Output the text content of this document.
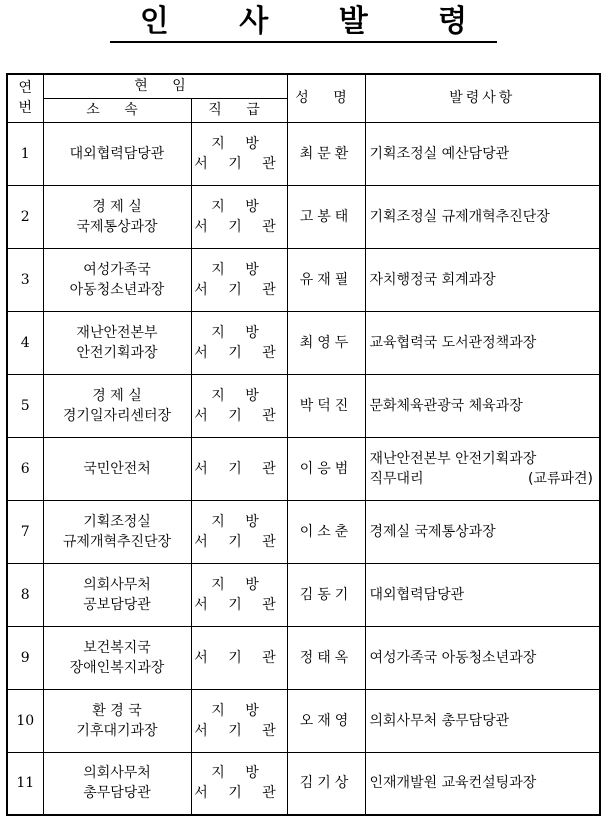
인 사 발 령
연
번	현 임		성 명	발령사항
	소 속	직 급		
1	대외협력담당관	지 방
서 기 관	최문환	기획조정실 예산담당관

2	경 제 실
국제통상과장	지 방
서 기 관	고봉태	기획조정실 규제개혁추진단장

3	여성가족국
아동청소년과장	지 방
서 기 관	유재필	자치행정국 회계과장

4	재난안전본부
안전기획과장	지 방
서 기 관	최영두	교육협력국 도서관정책과장

5	경 제 실
경기일자리센터장	지 방
서 기 관	박덕진	문화체육관광국 체육과장

6	국민안전처	서 기 관	이응범	재난안전본부 안전기획과장
직무대리 (교류파견)

7	기획조정실
규제개혁추진단장	지 방
서 기 관	이소춘	경제실 국제통상과장

8	의회사무처
공보담당관	지 방
서 기 관	김동기	대외협력담당관

9	보건복지국
장애인복지과장	서 기 관	정태옥	여성가족국 아동청소년과장

10	환 경 국
기후대기과장	지 방
서 기 관	오재영	의회사무처 총무담당관

11	의회사무처
총무담당관	지 방
서 기 관	김기상	인재개발원 교육컨설팅과장
